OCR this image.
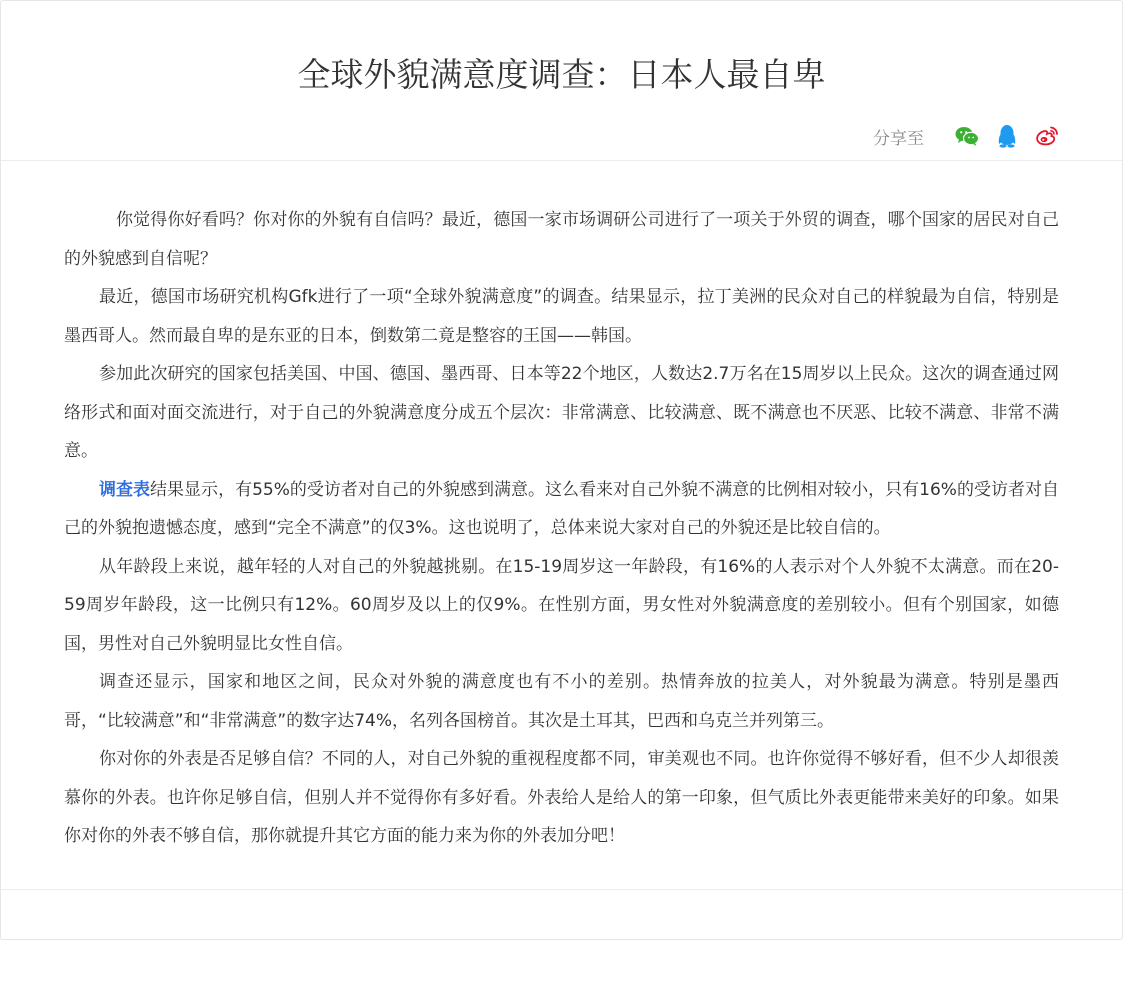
全球外貌满意度调查：日本人最自卑
分享至

你觉得你好看吗？你对你的外貌有自信吗？最近，德国一家市场调研公司进行了一项关于外贸的调查，哪个国家的居民对自己的外貌感到自信呢？

最近，德国市场研究机构Gfk进行了一项“全球外貌满意度”的调查。结果显示，拉丁美洲的民众对自己的样貌最为自信，特别是墨西哥人。然而最自卑的是东亚的日本，倒数第二竟是整容的王国——韩国。

参加此次研究的国家包括美国、中国、德国、墨西哥、日本等22个地区，人数达2.7万名在15周岁以上民众。这次的调查通过网络形式和面对面交流进行，对于自己的外貌满意度分成五个层次：非常满意、比较满意、既不满意也不厌恶、比较不满意、非常不满意。

调查表结果显示，有55%的受访者对自己的外貌感到满意。这么看来对自己外貌不满意的比例相对较小，只有16%的受访者对自己的外貌抱遗憾态度，感到“完全不满意”的仅3%。这也说明了，总体来说大家对自己的外貌还是比较自信的。

从年龄段上来说，越年轻的人对自己的外貌越挑剔。在15-19周岁这一年龄段，有16%的人表示对个人外貌不太满意。而在20-59周岁年龄段，这一比例只有12%。60周岁及以上的仅9%。在性别方面，男女性对外貌满意度的差别较小。但有个别国家，如德国，男性对自己外貌明显比女性自信。

调查还显示，国家和地区之间，民众对外貌的满意度也有不小的差别。热情奔放的拉美人，对外貌最为满意。特别是墨西哥，“比较满意”和“非常满意”的数字达74%，名列各国榜首。其次是土耳其，巴西和乌克兰并列第三。

你对你的外表是否足够自信？不同的人，对自己外貌的重视程度都不同，审美观也不同。也许你觉得不够好看，但不少人却很羡慕你的外表。也许你足够自信，但别人并不觉得你有多好看。外表给人是给人的第一印象，但气质比外表更能带来美好的印象。如果你对你的外表不够自信，那你就提升其它方面的能力来为你的外表加分吧！
